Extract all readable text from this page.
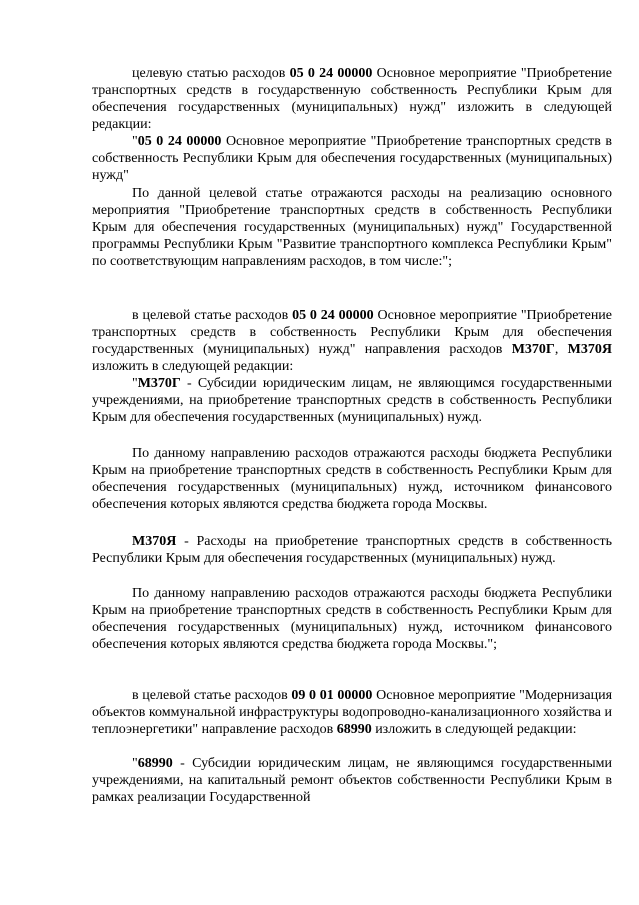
целевую статью расходов 05 0 24 00000 Основное мероприятие "Приобретение транспортных средств в государственную собственность Республики Крым для обеспечения государственных (муниципальных) нужд" изложить в следующей редакции:

"05 0 24 00000 Основное мероприятие "Приобретение транспортных средств в собственность Республики Крым для обеспечения государственных (муниципальных) нужд"

По данной целевой статье отражаются расходы на реализацию основного мероприятия "Приобретение транспортных средств в собственность Республики Крым для обеспечения государственных (муниципальных) нужд" Государственной программы Республики Крым "Развитие транспортного комплекса Республики Крым" по соответствующим направлениям расходов, в том числе:";

в целевой статье расходов 05 0 24 00000 Основное мероприятие "Приобретение транспортных средств в собственность Республики Крым для обеспечения государственных (муниципальных) нужд" направления расходов М370Г, М370Я изложить в следующей редакции:

"М370Г - Субсидии юридическим лицам, не являющимся государственными учреждениями, на приобретение транспортных средств в собственность Республики Крым для обеспечения государственных (муниципальных) нужд.

По данному направлению расходов отражаются расходы бюджета Республики Крым на приобретение транспортных средств в собственность Республики Крым для обеспечения государственных (муниципальных) нужд, источником финансового обеспечения которых являются средства бюджета города Москвы.

М370Я - Расходы на приобретение транспортных средств в собственность Республики Крым для обеспечения государственных (муниципальных) нужд.

По данному направлению расходов отражаются расходы бюджета Республики Крым на приобретение транспортных средств в собственность Республики Крым для обеспечения государственных (муниципальных) нужд, источником финансового обеспечения которых являются средства бюджета города Москвы.";

в целевой статье расходов 09 0 01 00000 Основное мероприятие "Модернизация объектов коммунальной инфраструктуры водопроводно-канализационного хозяйства и теплоэнергетики" направление расходов 68990 изложить в следующей редакции:

"68990 - Субсидии юридическим лицам, не являющимся государственными учреждениями, на капитальный ремонт объектов собственности Республики Крым в рамках реализации Государственной
